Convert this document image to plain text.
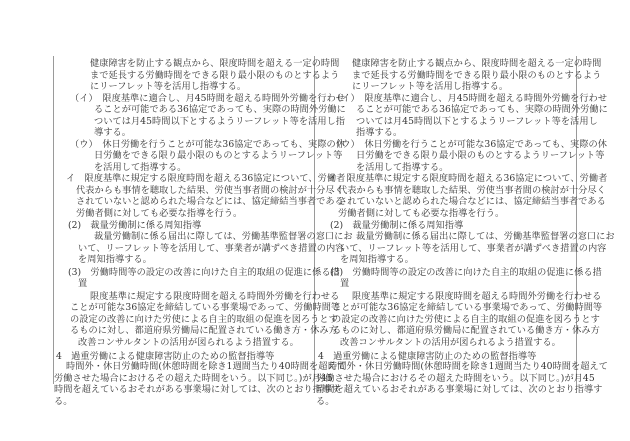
健康障害を防止する観点から、限度時間を超える一定の時間
まで延長する労働時間をできる限り最小限のものとするよう
にリーフレット等を活用し指導する。
（イ）　限度基準に適合し、月45時間を超える時間外労働を行わせ
ることが可能である36協定であっても、実際の時間外労働に
ついては月45時間以下とするようリーフレット等を活用し指
導する。
（ウ）　休日労働を行うことが可能な36協定であっても、実際の休
日労働をできる限り最小限のものとするようリーフレット等
を活用して指導する。
イ　限度基準に規定する限度時間を超える36協定について、労働者
代表からも事情を聴取した結果、労使当事者間の検討が十分尽く
されていないと認められた場合などには、協定締結当事者である
労働者側に対しても必要な指導を行う。
(2)　裁量労働制に係る周知指導
裁量労働制に係る届出に際しては、労働基準監督署の窓口にお
いて、リーフレット等を活用して、事業者が講ずべき措置の内容
を周知指導する。
(3)　労働時間等の設定の改善に向けた自主的取組の促進に係る措
置
限度基準に規定する限度時間を超える時間外労働を行わせる
ことが可能な36協定を締結している事業場であって、労働時間等
の設定の改善に向けた労使による自主的取組の促進を図ろうとす
るものに対し、都道府県労働局に配置されている働き方・休み方
改善コンサルタントの活用が図られるよう措置する。
4　過重労働による健康障害防止のための監督指導等
時間外・休日労働時間(休憩時間を除き1週間当たり40時間を超えて
労働させた場合におけるその超えた時間をいう。以下同じ。)が月45
時間を超えているおそれがある事業場に対しては、次のとおり指導す
る。
健康障害を防止する観点から、限度時間を超える一定の時間
まで延長する労働時間をできる限り最小限のものとするよう
にリーフレット等を活用し指導する。
（イ）　限度基準に適合し、月45時間を超える時間外労働を行わせ
ることが可能である36協定であっても、実際の時間外労働に
ついては月45時間以下とするようリーフレット等を活用し
指導する。
（ウ）　休日労働を行うことが可能な36協定であっても、実際の休
日労働をできる限り最小限のものとするようリーフレット等
を活用して指導する。
イ　限度基準に規定する限度時間を超える36協定について、労働者
代表からも事情を聴取した結果、労使当事者間の検討が十分尽く
されていないと認められた場合などには、協定締結当事者である
労働者側に対しても必要な指導を行う。
(2)　裁量労働制に係る周知指導
裁量労働制に係る届出に際しては、労働基準監督署の窓口にお
いて、リーフレット等を活用して、事業者が講ずべき措置の内容
を周知指導する。
(3)　労働時間等の設定の改善に向けた自主的取組の促進に係る措
置
限度基準に規定する限度時間を超える時間外労働を行わせる
ことが可能な36協定を締結している事業場であって、労働時間等
の設定の改善に向けた労使による自主的取組の促進を図ろうとす
るものに対し、都道府県労働局に配置されている働き方・休み方
改善コンサルタントの活用が図られるよう措置する。
4　過重労働による健康障害防止のための監督指導等
時間外・休日労働時間(休憩時間を除き1週間当たり40時間を超えて
労働させた場合におけるその超えた時間をいう。以下同じ。)が月45
時間を超えているおそれがある事業場に対しては、次のとおり指導す
る。
